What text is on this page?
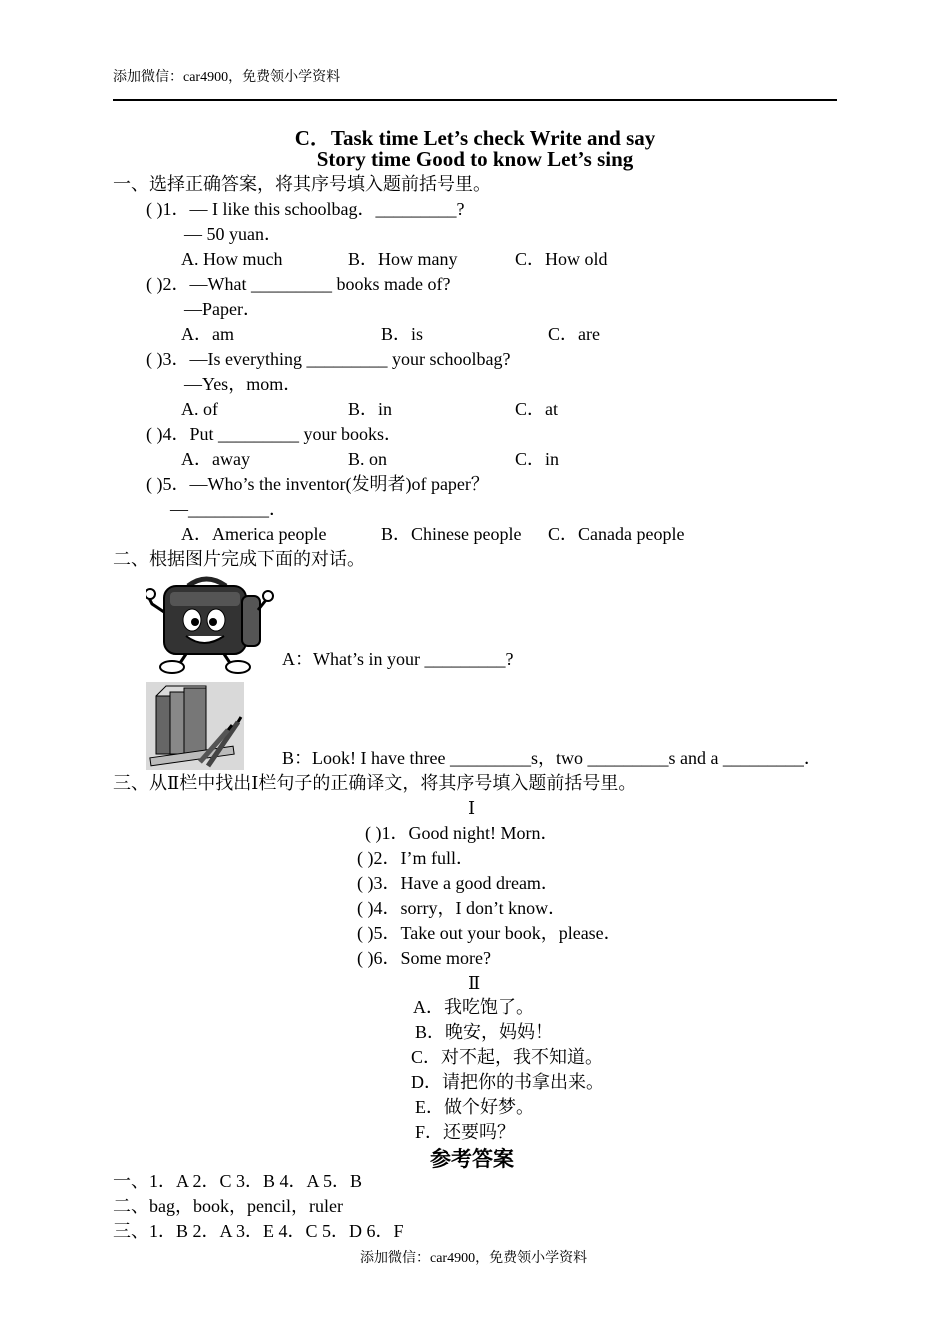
添加微信：car4900，免费领小学资料
C．Task time Let’s check Write and say
Story time Good to know Let’s sing
一、选择正确答案，将其序号填入题前括号里。
( )1．— I like this schoolbag．_________?
— 50 yuan．
A. How much	B．How many	C．How old
( )2．—What _________ books made of?
—Paper．
A．am	B．is	C．are
( )3．—Is everything _________ your schoolbag?
—Yes，mom．
A. of	B．in	C．at
( )4．Put _________ your books．
A．away	B. on	C．in
( )5．—Who’s the inventor(发明者)of paper？
—_________．
A．America people	B．Chinese people C．Canada people
二、根据图片完成下面的对话。
A：What’s in your _________?
B：Look! I have three _________s，two _________s and a _________．
三、从Ⅱ栏中找出Ⅰ栏句子的正确译文，将其序号填入题前括号里。
Ⅰ
( )1．Good night! Morn．
( )2．I’m full．
( )3．Have a good dream．
( )4．sorry，I don’t know．
( )5．Take out your book，please．
( )6．Some more?
Ⅱ
A．我吃饱了。
B．晚安，妈妈！
C．对不起，我不知道。
D．请把你的书拿出来。
E．做个好梦。
F．还要吗？
参考答案
一、1．A 2．C 3．B 4．A 5．B
二、bag，book，pencil，ruler
三、1．B 2．A 3．E 4．C 5．D 6．F
添加微信：car4900，免费领小学资料
